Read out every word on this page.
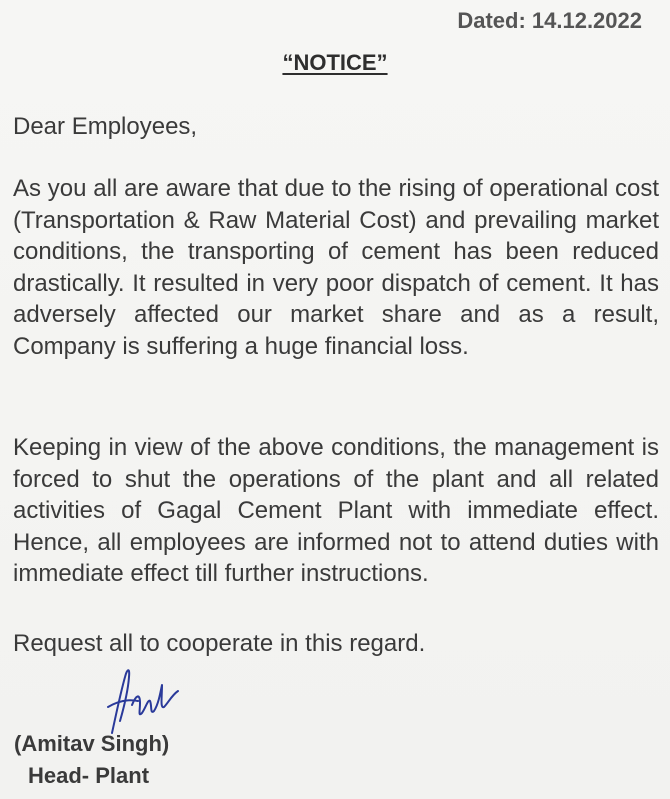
Dated: 14.12.2022
“NOTICE”
Dear Employees,
As you all are aware that due to the rising of operational cost (Transportation & Raw Material Cost) and prevailing market conditions, the transporting of cement has been reduced drastically. It resulted in very poor dispatch of cement. It has adversely affected our market share and as a result, Company is suffering a huge financial loss.
Keeping in view of the above conditions, the management is forced to shut the operations of the plant and all related activities of Gagal Cement Plant with immediate effect. Hence, all employees are informed not to attend duties with immediate effect till further instructions.
Request all to cooperate in this regard.
(Amitav Singh)
Head- Plant
